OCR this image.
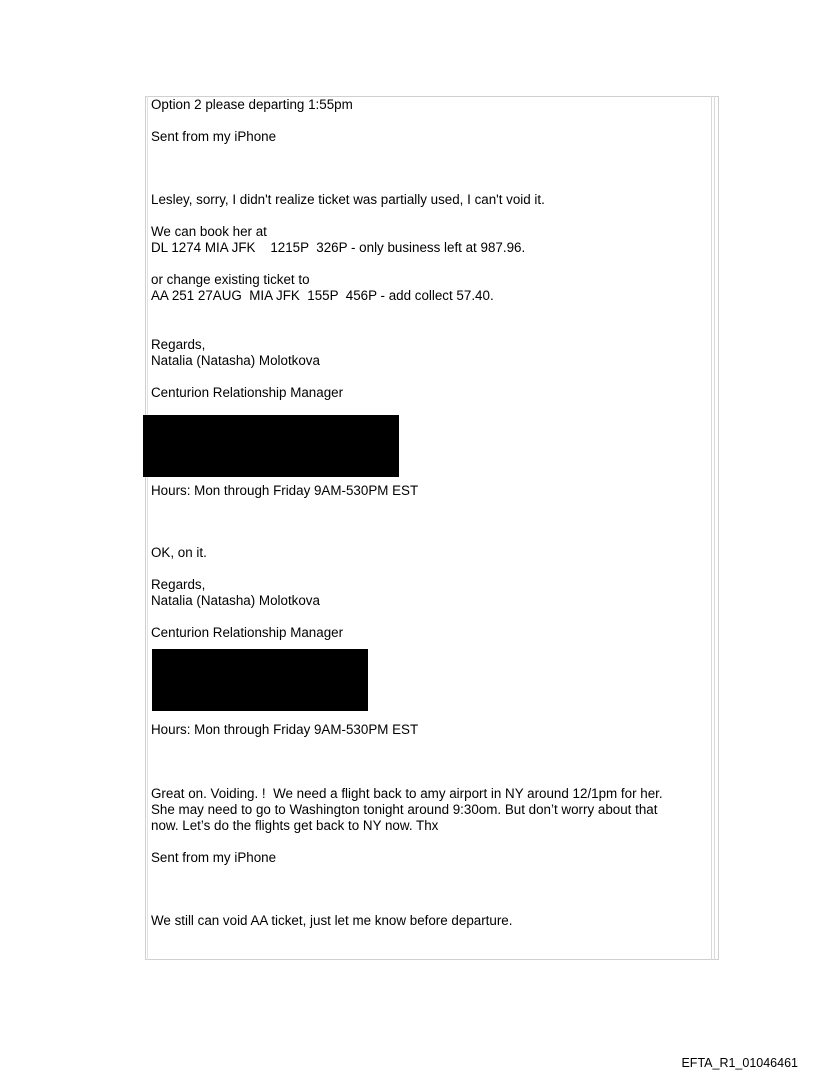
Option 2 please departing 1:55pm
Sent from my iPhone
Lesley, sorry, I didn't realize ticket was partially used, I can't void it.
We can book her at
DL 1274 MIA JFK    1215P  326P - only business left at 987.96.
or change existing ticket to
AA 251 27AUG  MIA JFK  155P  456P - add collect 57.40.
Regards,
Natalia (Natasha) Molotkova
Centurion Relationship Manager
Hours: Mon through Friday 9AM-530PM EST
OK, on it.
Regards,
Natalia (Natasha) Molotkova
Centurion Relationship Manager
Hours: Mon through Friday 9AM-530PM EST
Great on. Voiding. !  We need a flight back to amy airport in NY around 12/1pm for her.
She may need to go to Washington tonight around 9:30om. But don’t worry about that
now. Let’s do the flights get back to NY now. Thx
Sent from my iPhone
We still can void AA ticket, just let me know before departure.
EFTA_R1_01046461
